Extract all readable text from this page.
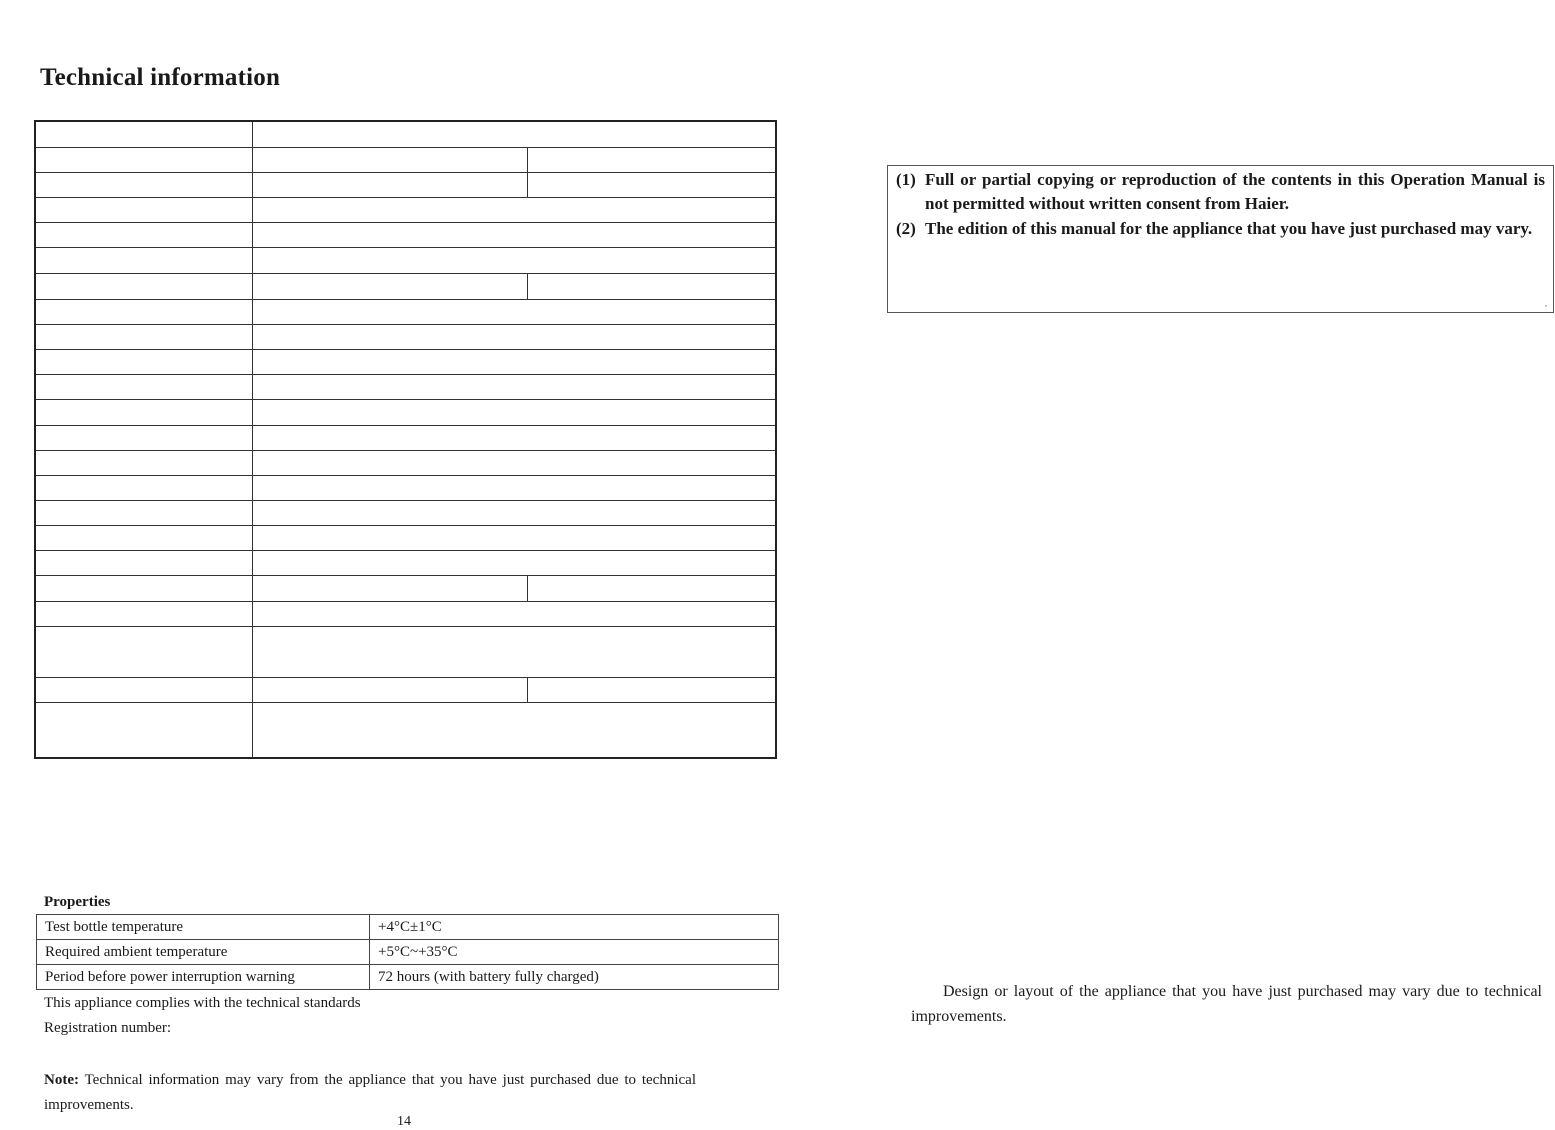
Technical information

Properties
Test bottle temperature	+4°C±1°C
Required ambient temperature	+5°C~+35°C
Period before power interruption warning	72 hours (with battery fully charged)
This appliance complies with the technical standards
Registration number:
Note: Technical information may vary from the appliance that you have just purchased due to technical improvements.
14
(1) Full or partial copying or reproduction of the contents in this Operation Manual is not permitted without written consent from Haier.
(2) The edition of this manual for the appliance that you have just purchased may vary.
,
Design or layout of the appliance that you have just purchased may vary due to technical improvements.
